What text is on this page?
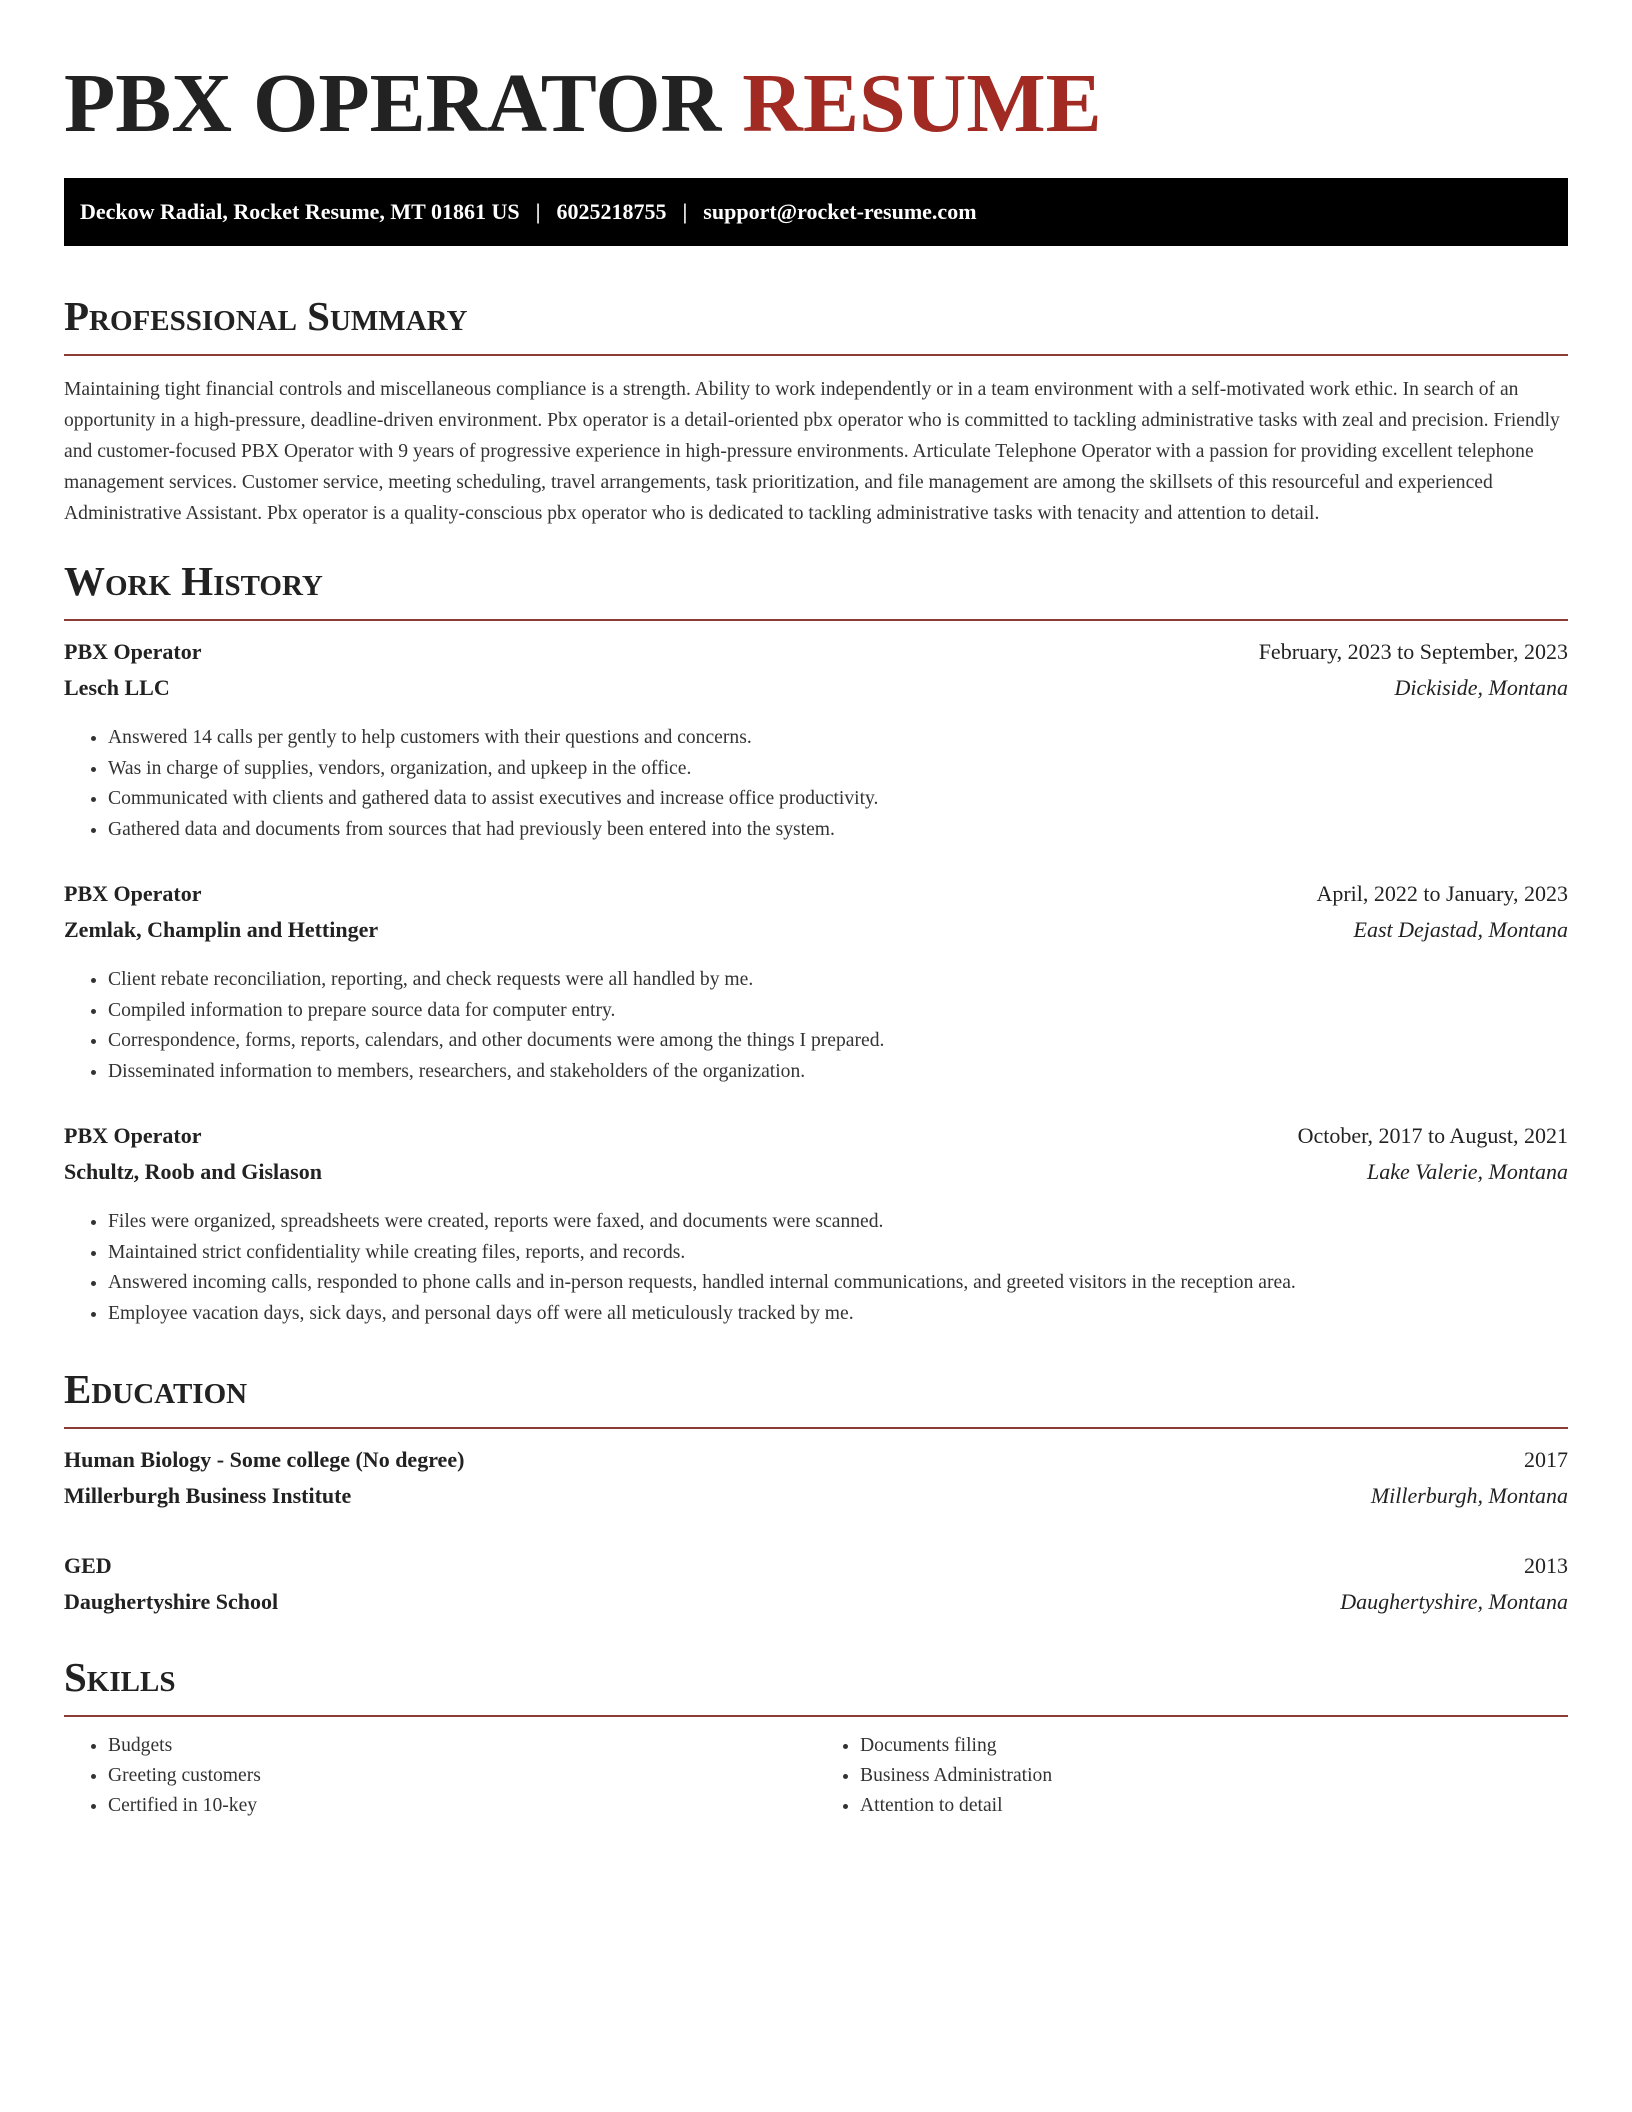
PBX OPERATOR RESUME
Deckow Radial, Rocket Resume, MT 01861 US | 6025218755 | support@rocket-resume.com
Professional Summary

Maintaining tight financial controls and miscellaneous compliance is a strength. Ability to work independently or in a team environment with a self-motivated work ethic. In search of an opportunity in a high-pressure, deadline-driven environment. Pbx operator is a detail-oriented pbx operator who is committed to tackling administrative tasks with zeal and precision. Friendly and customer-focused PBX Operator with 9 years of progressive experience in high-pressure environments. Articulate Telephone Operator with a passion for providing excellent telephone management services. Customer service, meeting scheduling, travel arrangements, task prioritization, and file management are among the skillsets of this resourceful and experienced Administrative Assistant. Pbx operator is a quality-conscious pbx operator who is dedicated to tackling administrative tasks with tenacity and attention to detail.

Work History
PBX Operator	February, 2023 to September, 2023
Lesch LLC	Dickiside, Montana
• Answered 14 calls per gently to help customers with their questions and concerns.
• Was in charge of supplies, vendors, organization, and upkeep in the office.
• Communicated with clients and gathered data to assist executives and increase office productivity.
• Gathered data and documents from sources that had previously been entered into the system.
PBX Operator	April, 2022 to January, 2023
Zemlak, Champlin and Hettinger	East Dejastad, Montana
• Client rebate reconciliation, reporting, and check requests were all handled by me.
• Compiled information to prepare source data for computer entry.
• Correspondence, forms, reports, calendars, and other documents were among the things I prepared.
• Disseminated information to members, researchers, and stakeholders of the organization.
PBX Operator	October, 2017 to August, 2021
Schultz, Roob and Gislason	Lake Valerie, Montana
• Files were organized, spreadsheets were created, reports were faxed, and documents were scanned.
• Maintained strict confidentiality while creating files, reports, and records.
• Answered incoming calls, responded to phone calls and in-person requests, handled internal communications, and greeted visitors in the reception area.
• Employee vacation days, sick days, and personal days off were all meticulously tracked by me.
Education
Human Biology - Some college (No degree)	2017
Millerburgh Business Institute	Millerburgh, Montana
GED	2013
Daughertyshire School	Daughertyshire, Montana
Skills
• Budgets
• Greeting customers
• Certified in 10-key
• Documents filing
• Business Administration
• Attention to detail
